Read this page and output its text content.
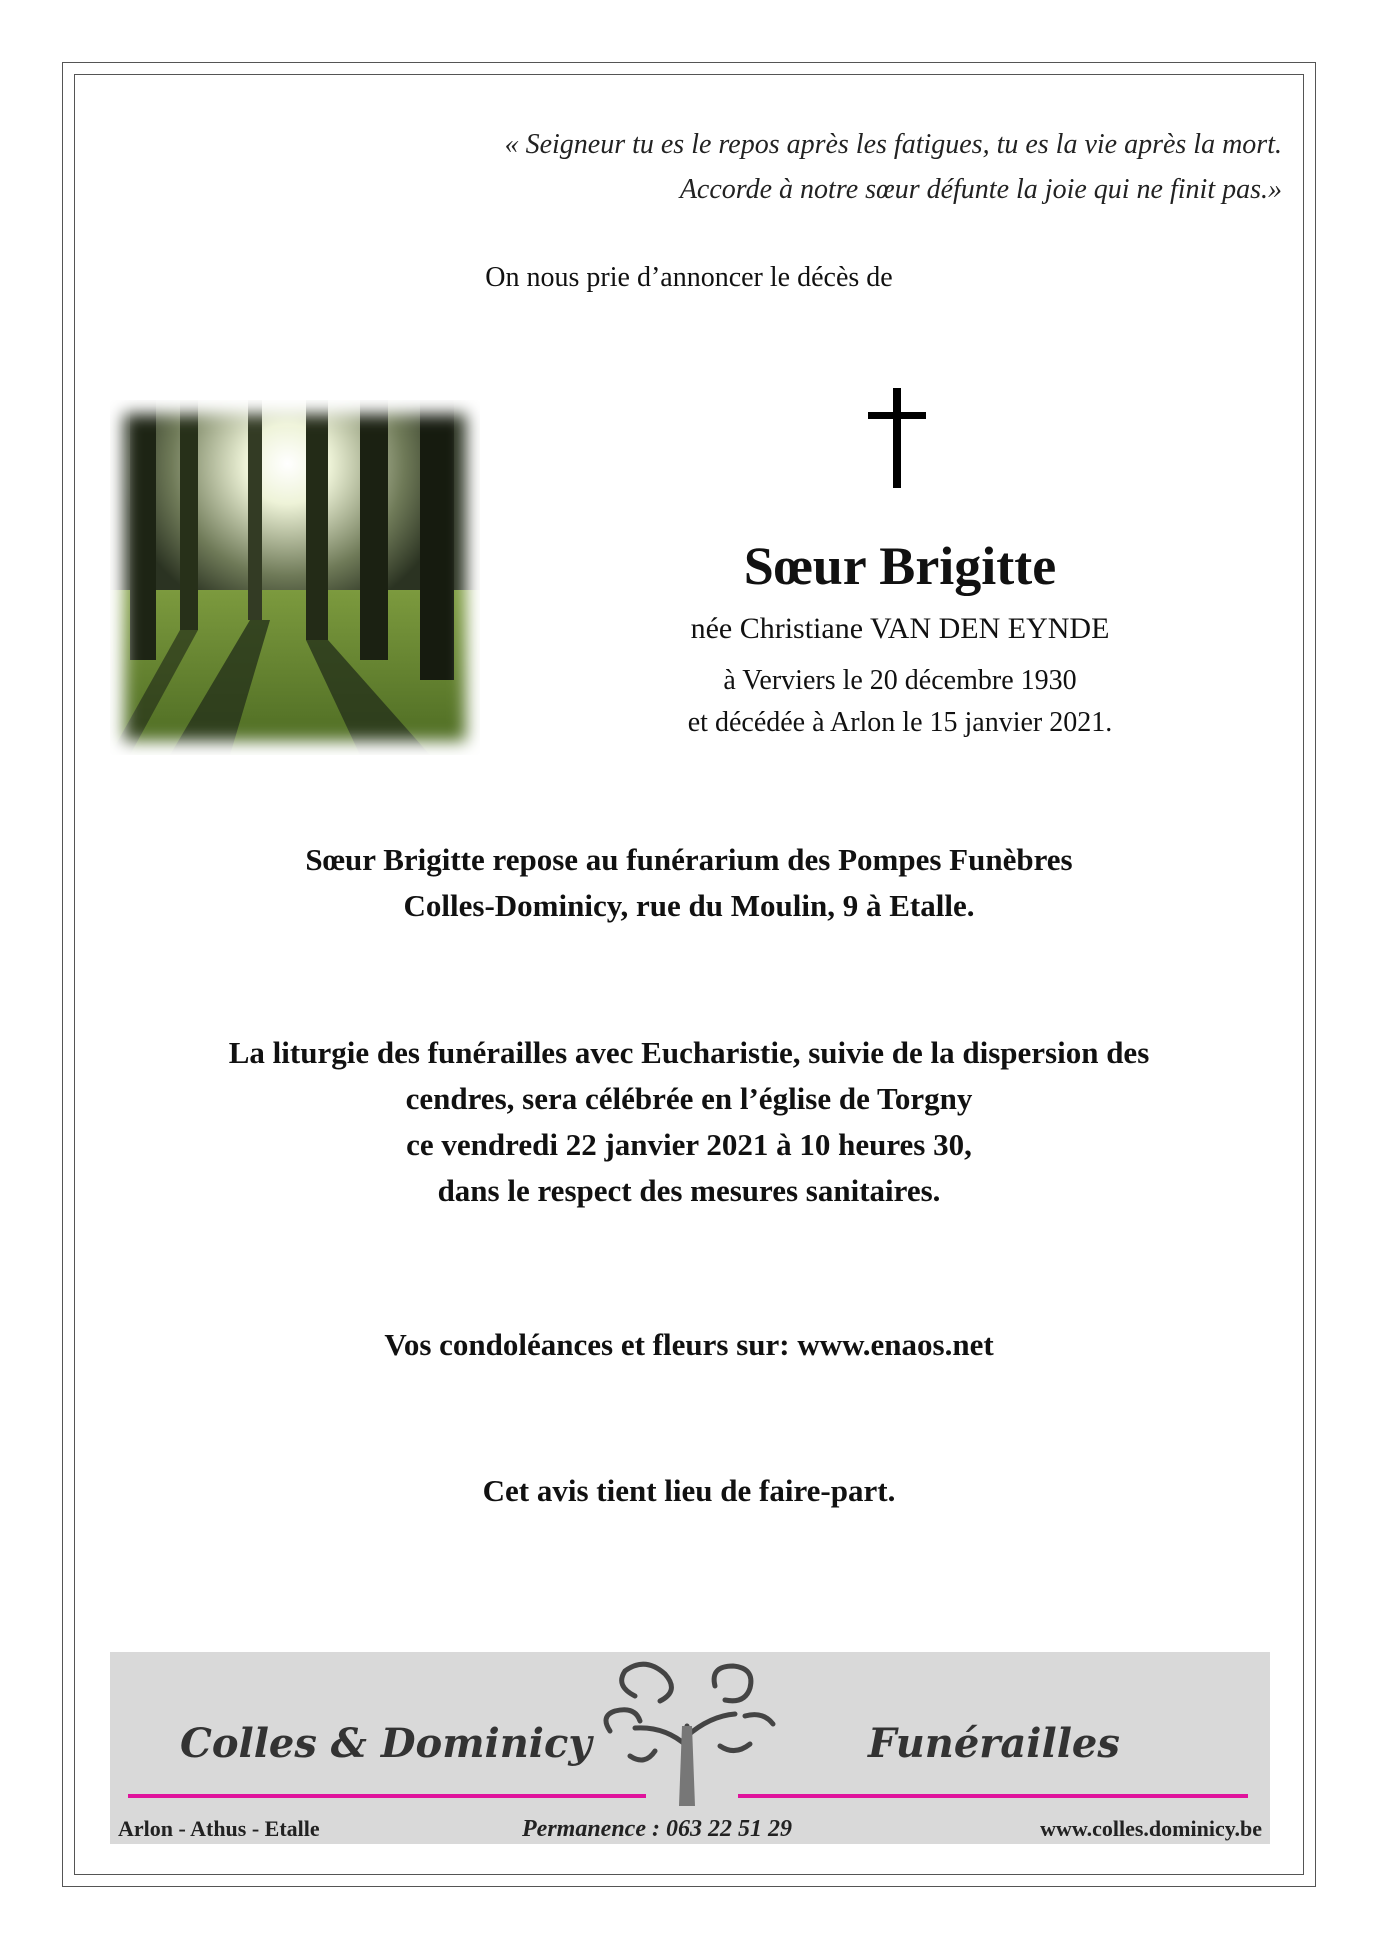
« Seigneur tu es le repos après les fatigues, tu es la vie après la mort.
Accorde à notre sœur défunte la joie qui ne finit pas.»
On nous prie d’annoncer le décès de
Sœur Brigitte
née Christiane VAN DEN EYNDE
à Verviers le 20 décembre 1930
et décédée à Arlon le 15 janvier 2021.
Sœur Brigitte repose au funérarium des Pompes Funèbres
Colles-Dominicy, rue du Moulin, 9 à Etalle.
La liturgie des funérailles avec Eucharistie, suivie de la dispersion des
cendres, sera célébrée en l’église de Torgny
ce vendredi 22 janvier 2021 à 10 heures 30,
dans le respect des mesures sanitaires.
Vos condoléances et fleurs sur: www.enaos.net
Cet avis tient lieu de faire-part.
Colles & Dominicy	Funérailles
Arlon - Athus - Etalle	Permanence : 063 22 51 29	www.colles.dominicy.be
